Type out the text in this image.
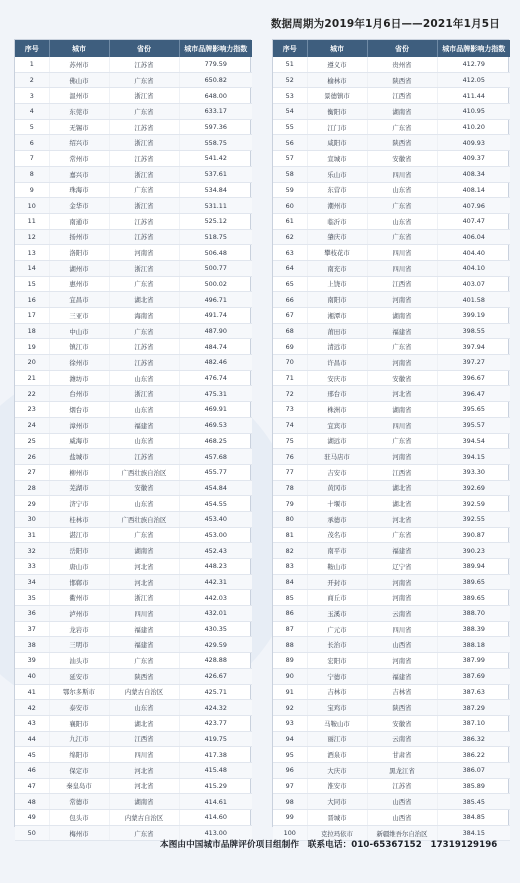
数据周期为2019年1月6日——2021年1月5日
序号	城市	省份	城市品牌影响力指数
1	苏州市	江苏省	779.59
2	佛山市	广东省	650.82
3	温州市	浙江省	648.00
4	东莞市	广东省	633.17
5	无锡市	江苏省	597.36
6	绍兴市	浙江省	558.75
7	常州市	江苏省	541.42
8	嘉兴市	浙江省	537.61
9	珠海市	广东省	534.84
10	金华市	浙江省	531.11
11	南通市	江苏省	525.12
12	扬州市	江苏省	518.75
13	洛阳市	河南省	506.48
14	湖州市	浙江省	500.77
15	惠州市	广东省	500.02
16	宜昌市	湖北省	496.71
17	三亚市	海南省	491.74
18	中山市	广东省	487.90
19	镇江市	江苏省	484.74
20	徐州市	江苏省	482.46
21	潍坊市	山东省	476.74
22	台州市	浙江省	475.31
23	烟台市	山东省	469.91
24	漳州市	福建省	469.53
25	威海市	山东省	468.25
26	盐城市	江苏省	457.68
27	柳州市	广西壮族自治区	455.77
28	芜湖市	安徽省	454.84
29	济宁市	山东省	454.55
30	桂林市	广西壮族自治区	453.40
31	湛江市	广东省	453.00
32	岳阳市	湖南省	452.43
33	唐山市	河北省	448.23
34	邯郸市	河北省	442.31
35	衢州市	浙江省	442.03
36	泸州市	四川省	432.01
37	龙岩市	福建省	430.35
38	三明市	福建省	429.59
39	汕头市	广东省	428.88
40	延安市	陕西省	426.67
41	鄂尔多斯市	内蒙古自治区	425.71
42	泰安市	山东省	424.32
43	襄阳市	湖北省	423.77
44	九江市	江西省	419.75
45	绵阳市	四川省	417.38
46	保定市	河北省	415.48
47	秦皇岛市	河北省	415.29
48	常德市	湖南省	414.61
49	包头市	内蒙古自治区	414.60
50	梅州市	广东省	413.00
序号	城市	省份	城市品牌影响力指数
51	遵义市	贵州省	412.79
52	榆林市	陕西省	412.05
53	景德镇市	江西省	411.44
54	衡阳市	湖南省	410.95
55	江门市	广东省	410.20
56	咸阳市	陕西省	409.93
57	宣城市	安徽省	409.37
58	乐山市	四川省	408.34
59	东营市	山东省	408.14
60	潮州市	广东省	407.96
61	临沂市	山东省	407.47
62	肇庆市	广东省	406.04
63	攀枝花市	四川省	404.40
64	南充市	四川省	404.10
65	上饶市	江西省	403.07
66	南阳市	河南省	401.58
67	湘潭市	湖南省	399.19
68	莆田市	福建省	398.55
69	清远市	广东省	397.94
70	许昌市	河南省	397.27
71	安庆市	安徽省	396.67
72	邢台市	河北省	396.47
73	株洲市	湖南省	395.65
74	宜宾市	四川省	395.57
75	湖远市	广东省	394.54
76	驻马店市	河南省	394.15
77	吉安市	江西省	393.30
78	黄冈市	湖北省	392.69
79	十堰市	湖北省	392.59
80	承德市	河北省	392.55
81	茂名市	广东省	390.87
82	南平市	福建省	390.23
83	鞍山市	辽宁省	389.94
84	开封市	河南省	389.65
85	商丘市	河南省	389.65
86	玉溪市	云南省	388.70
87	广元市	四川省	388.39
88	长治市	山西省	388.18
89	宏阳市	河南省	387.99
90	宁德市	福建省	387.69
91	吉林市	吉林省	387.63
92	宝鸡市	陕西省	387.29
93	马鞍山市	安徽省	387.10
94	丽江市	云南省	386.32
95	酒泉市	甘肃省	386.22
96	大庆市	黑龙江省	386.07
97	淮安市	江苏省	385.89
98	大同市	山西省	385.45
99	晋城市	山西省	384.85
100	克拉玛依市	新疆维吾尔自治区	384.15
本图由中国城市品牌评价项目组制作　联系电话：010-65367152　17319129196
